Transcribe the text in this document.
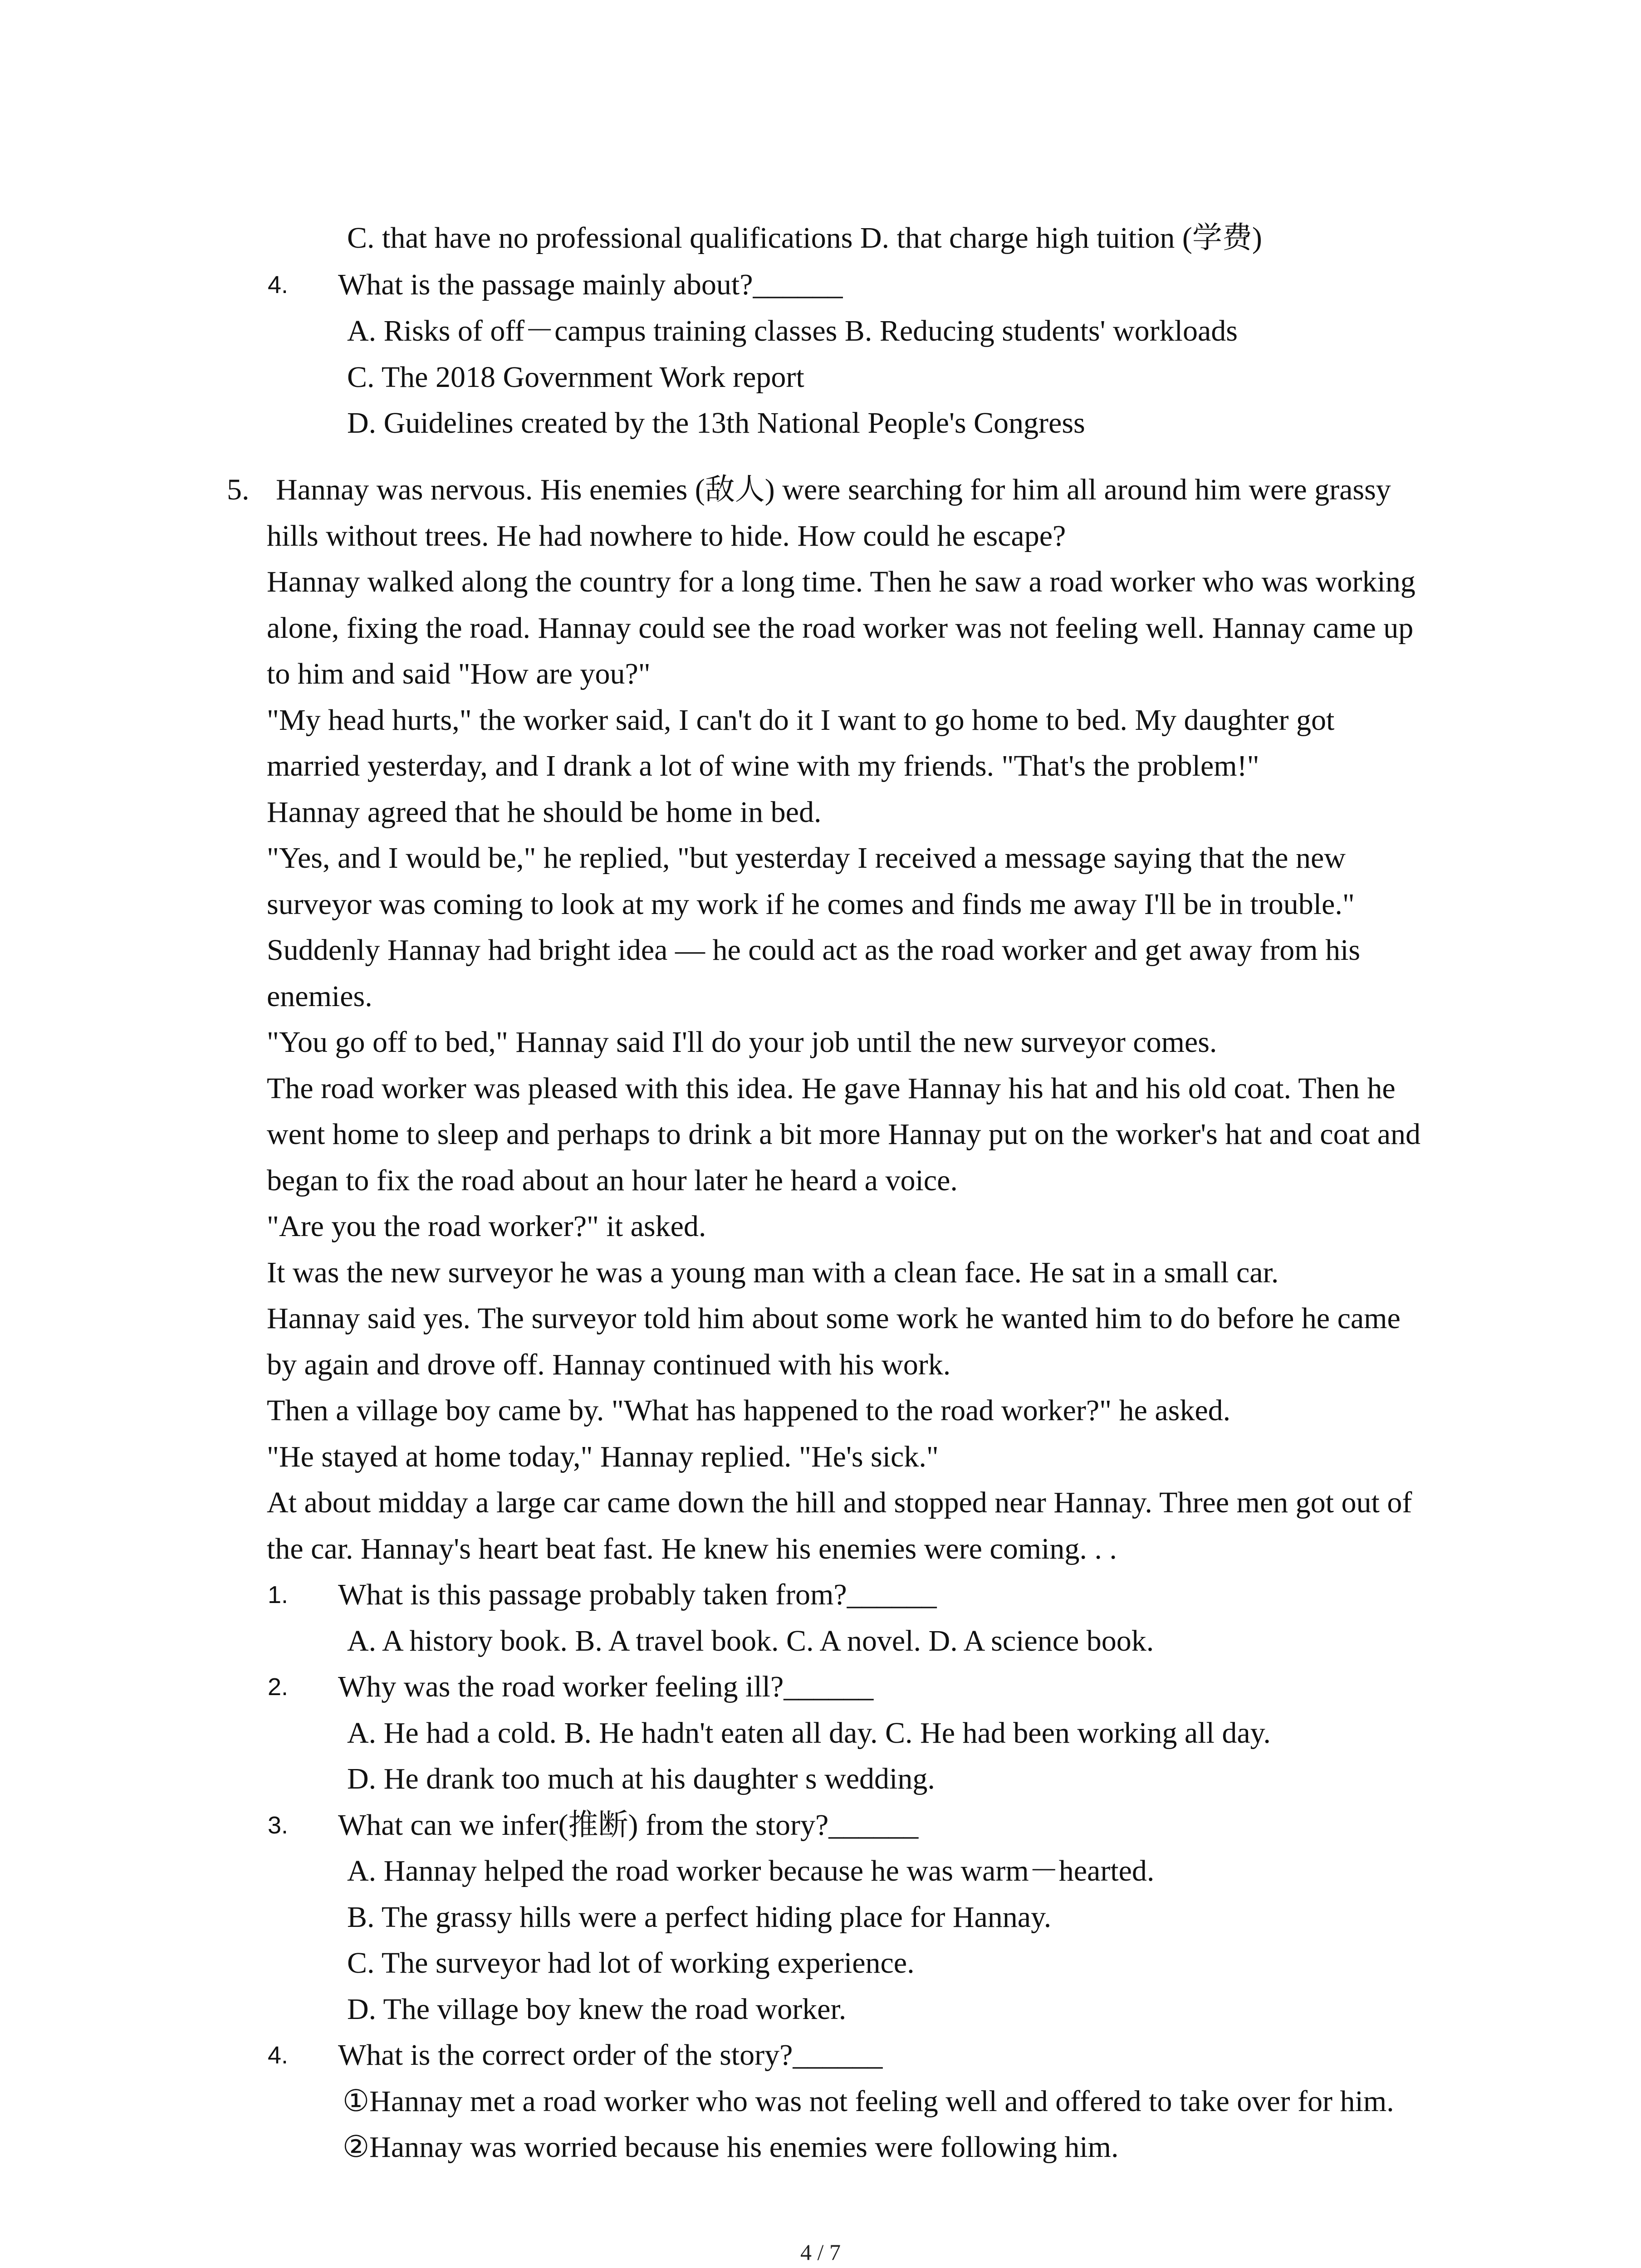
C. that have no professional qualifications D. that charge high tuition (学费)
4. What is the passage mainly about?______
A. Risks of off－campus training classes B. Reducing students' workloads
C. The 2018 Government Work report
D. Guidelines created by the 13th National People's Congress
5. Hannay was nervous. His enemies (敌人) were searching for him all around him were grassy
hills without trees. He had nowhere to hide. How could he escape?
Hannay walked along the country for a long time. Then he saw a road worker who was working
alone, fixing the road. Hannay could see the road worker was not feeling well. Hannay came up
to him and said "How are you?"
"My head hurts," the worker said, I can't do it I want to go home to bed. My daughter got
married yesterday, and I drank a lot of wine with my friends. "That's the problem!"
Hannay agreed that he should be home in bed.
"Yes, and I would be," he replied, "but yesterday I received a message saying that the new
surveyor was coming to look at my work if he comes and finds me away I'll be in trouble."
Suddenly Hannay had bright idea — he could act as the road worker and get away from his
enemies.
"You go off to bed," Hannay said I'll do your job until the new surveyor comes.
The road worker was pleased with this idea. He gave Hannay his hat and his old coat. Then he
went home to sleep and perhaps to drink a bit more Hannay put on the worker's hat and coat and
began to fix the road about an hour later he heard a voice.
"Are you the road worker?" it asked.
It was the new surveyor he was a young man with a clean face. He sat in a small car.
Hannay said yes. The surveyor told him about some work he wanted him to do before he came
by again and drove off. Hannay continued with his work.
Then a village boy came by. "What has happened to the road worker?" he asked.
"He stayed at home today," Hannay replied. "He's sick."
At about midday a large car came down the hill and stopped near Hannay. Three men got out of
the car. Hannay's heart beat fast. He knew his enemies were coming. . .
1. What is this passage probably taken from?______
A. A history book. B. A travel book. C. A novel. D. A science book.
2. Why was the road worker feeling ill?______
A. He had a cold. B. He hadn't eaten all day. C. He had been working all day.
D. He drank too much at his daughter s wedding.
3. What can we infer(推断) from the story?______
A. Hannay helped the road worker because he was warm－hearted.
B. The grassy hills were a perfect hiding place for Hannay.
C. The surveyor had lot of working experience.
D. The village boy knew the road worker.
4. What is the correct order of the story?______
①Hannay met a road worker who was not feeling well and offered to take over for him.
②Hannay was worried because his enemies were following him.
4 / 7
